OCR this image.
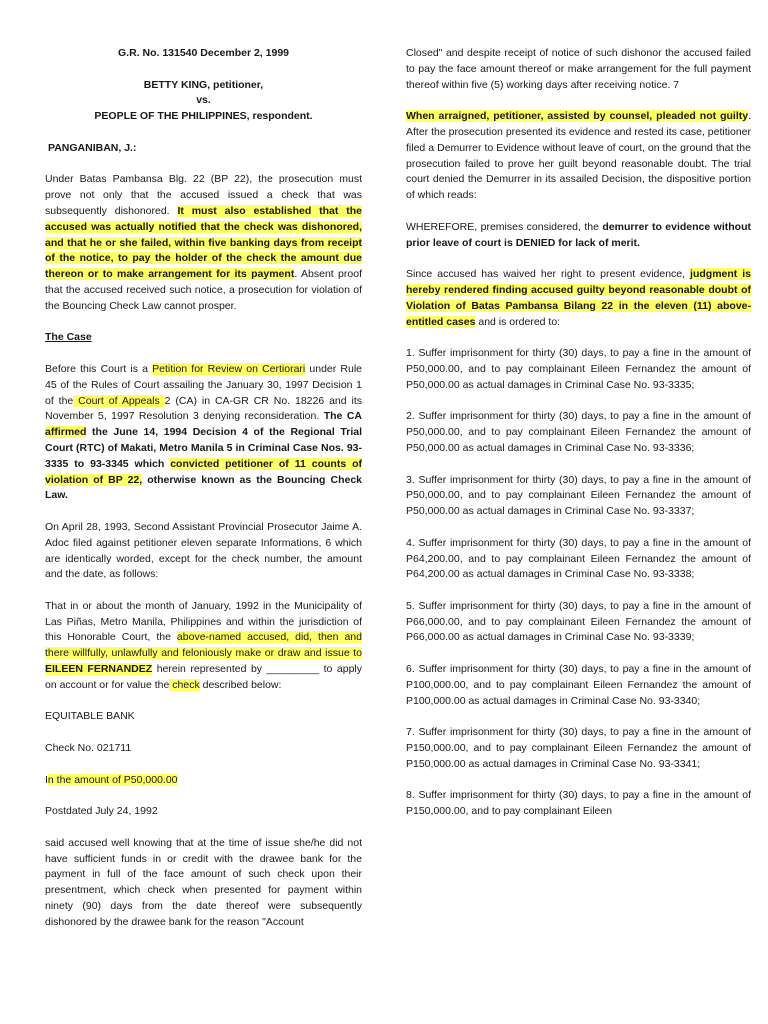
G.R. No. 131540 December 2, 1999

BETTY KING, petitioner,

vs.

PEOPLE OF THE PHILIPPINES, respondent.

PANGANIBAN, J.:

Under Batas Pambansa Blg. 22 (BP 22), the prosecution must prove not only that the accused issued a check that was subsequently dishonored. It must also established that the accused was actually notified that the check was dishonored, and that he or she failed, within five banking days from receipt of the notice, to pay the holder of the check the amount due thereon or to make arrangement for its payment. Absent proof that the accused received such notice, a prosecution for violation of the Bouncing Check Law cannot prosper.

The Case

Before this Court is a Petition for Review on Certiorari under Rule 45 of the Rules of Court assailing the January 30, 1997 Decision 1 of the Court of Appeals 2 (CA) in CA-GR CR No. 18226 and its November 5, 1997 Resolution 3 denying reconsideration. The CA affirmed the June 14, 1994 Decision 4 of the Regional Trial Court (RTC) of Makati, Metro Manila 5 in Criminal Case Nos. 93-3335 to 93-3345 which convicted petitioner of 11 counts of violation of BP 22, otherwise known as the Bouncing Check Law.

On April 28, 1993, Second Assistant Provincial Prosecutor Jaime A. Adoc filed against petitioner eleven separate Informations, 6 which are identically worded, except for the check number, the amount and the date, as follows:

That in or about the month of January, 1992 in the Municipality of Las Piñas, Metro Manila, Philippines and within the jurisdiction of this Honorable Court, the above-named accused, did, then and there willfully, unlawfully and feloniously make or draw and issue to EILEEN FERNANDEZ herein represented by _________ to apply on account or for value the check described below:

EQUITABLE BANK

Check No. 021711

In the amount of P50,000.00

Postdated July 24, 1992

said accused well knowing that at the time of issue she/he did not have sufficient funds in or credit with the drawee bank for the payment in full of the face amount of such check upon their presentment, which check when presented for payment within ninety (90) days from the date thereof were subsequently dishonored by the drawee bank for the reason "Account

Closed" and despite receipt of notice of such dishonor the accused failed to pay the face amount thereof or make arrangement for the full payment thereof within five (5) working days after receiving notice. 7

When arraigned, petitioner, assisted by counsel, pleaded not guilty. After the prosecution presented its evidence and rested its case, petitioner filed a Demurrer to Evidence without leave of court, on the ground that the prosecution failed to prove her guilt beyond reasonable doubt. The trial court denied the Demurrer in its assailed Decision, the dispositive portion of which reads:

WHEREFORE, premises considered, the demurrer to evidence without prior leave of court is DENIED for lack of merit.

Since accused has waived her right to present evidence, judgment is hereby rendered finding accused guilty beyond reasonable doubt of Violation of Batas Pambansa Bilang 22 in the eleven (11) above-entitled cases and is ordered to:

1. Suffer imprisonment for thirty (30) days, to pay a fine in the amount of P50,000.00, and to pay complainant Eileen Fernandez the amount of P50,000.00 as actual damages in Criminal Case No. 93-3335;

2. Suffer imprisonment for thirty (30) days, to pay a fine in the amount of P50,000.00, and to pay complainant Eileen Fernandez the amount of P50,000.00 as actual damages in Criminal Case No. 93-3336;

3. Suffer imprisonment for thirty (30) days, to pay a fine in the amount of P50,000.00, and to pay complainant Eileen Fernandez the amount of P50,000.00 as actual damages in Criminal Case No. 93-3337;

4. Suffer imprisonment for thirty (30) days, to pay a fine in the amount of P64,200.00, and to pay complainant Eileen Fernandez the amount of P64,200.00 as actual damages in Criminal Case No. 93-3338;

5. Suffer imprisonment for thirty (30) days, to pay a fine in the amount of P66,000.00, and to pay complainant Eileen Fernandez the amount of P66,000.00 as actual damages in Criminal Case No. 93-3339;

6. Suffer imprisonment for thirty (30) days, to pay a fine in the amount of P100,000.00, and to pay complainant Eileen Fernandez the amount of P100,000.00 as actual damages in Criminal Case No. 93-3340;

7. Suffer imprisonment for thirty (30) days, to pay a fine in the amount of P150,000.00, and to pay complainant Eileen Fernandez the amount of P150,000.00 as actual damages in Criminal Case No. 93-3341;

8. Suffer imprisonment for thirty (30) days, to pay a fine in the amount of P150,000.00, and to pay complainant Eileen
